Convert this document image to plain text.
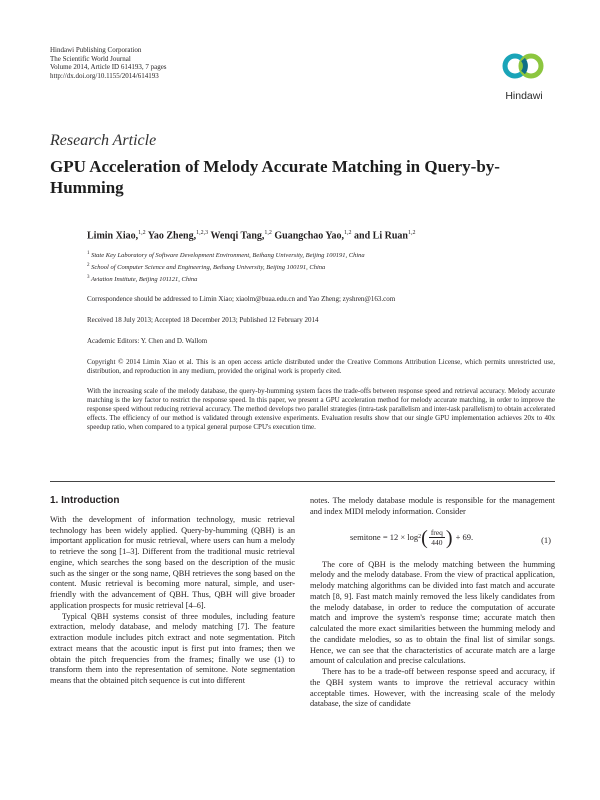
Hindawi Publishing Corporation
The Scientific World Journal
Volume 2014, Article ID 614193, 7 pages
http://dx.doi.org/10.1155/2014/614193
Hindawi
Research Article
GPU Acceleration of Melody Accurate Matching in Query-by-Humming
Limin Xiao,$^{1,2}$ Yao Zheng,$^{1,2,3}$ Wenqi Tang,$^{1,2}$ Guangchao Yao,$^{1,2}$ and Li Ruan$^{1,2}$
$^1$ State Key Laboratory of Software Development Environment, Beihang University, Beijing 100191, China
$^2$ School of Computer Science and Engineering, Beihang University, Beijing 100191, China
$^3$ Aviation Institute, Beijing 101121, China
Correspondence should be addressed to Limin Xiao; xiaolm@buaa.edu.cn and Yao Zheng; zyshren@163.com
Received 18 July 2013; Accepted 18 December 2013; Published 12 February 2014
Academic Editors: Y. Chen and D. Wallom
Copyright © 2014 Limin Xiao et al. This is an open access article distributed under the Creative Commons Attribution License, which permits unrestricted use, distribution, and reproduction in any medium, provided the original work is properly cited.
With the increasing scale of the melody database, the query-by-humming system faces the trade-offs between response speed and retrieval accuracy. Melody accurate matching is the key factor to restrict the response speed. In this paper, we present a GPU acceleration method for melody accurate matching, in order to improve the response speed without reducing retrieval accuracy. The method develops two parallel strategies (intra-task parallelism and inter-task parallelism) to obtain accelerated effects. The efficiency of our method is validated through extensive experiments. Evaluation results show that our single GPU implementation achieves 20x to 40x speedup ratio, when compared to a typical general purpose CPU's execution time.
1. Introduction

With the development of information technology, music retrieval technology has been widely applied. Query-by-humming (QBH) is an important application for music retrieval, where users can hum a melody to retrieve the song [1–3]. Different from the traditional music retrieval engine, which searches the song based on the description of the music such as the singer or the song name, QBH retrieves the song based on the content. Music retrieval is becoming more natural, simple, and user-friendly with the advancement of QBH. Thus, QBH will give broader application prospects for music retrieval [4–6].

Typical QBH systems consist of three modules, including feature extraction, melody database, and melody matching [7]. The feature extraction module includes pitch extract and note segmentation. Pitch extract means that the acoustic input is first put into frames; then we obtain the pitch frequencies from the frames; finally we use (1) to transform them into the representation of semitone. Note segmentation means that the obtained pitch sequence is cut into different

notes. The melody database module is responsible for the management and index MIDI melody information. Consider

semitone = 12 × log 2 ( $\frac{\text{freq}}{440}$ ) + 69.	(1)

The core of QBH is the melody matching between the humming melody and the melody database. From the view of practical application, melody matching algorithms can be divided into fast match and accurate match [8, 9]. Fast match mainly removed the less likely candidates from the melody database, in order to reduce the computation of accurate match and improve the system's response time; accurate match then calculated the more exact similarities between the humming melody and the candidate melodies, so as to obtain the final list of similar songs. Hence, we can see that the characteristics of accurate match are a large amount of calculation and precise calculations.

There has to be a trade-off between response speed and accuracy, if the QBH system wants to improve the retrieval accuracy within acceptable times. However, with the increasing scale of the melody database, the size of candidate
